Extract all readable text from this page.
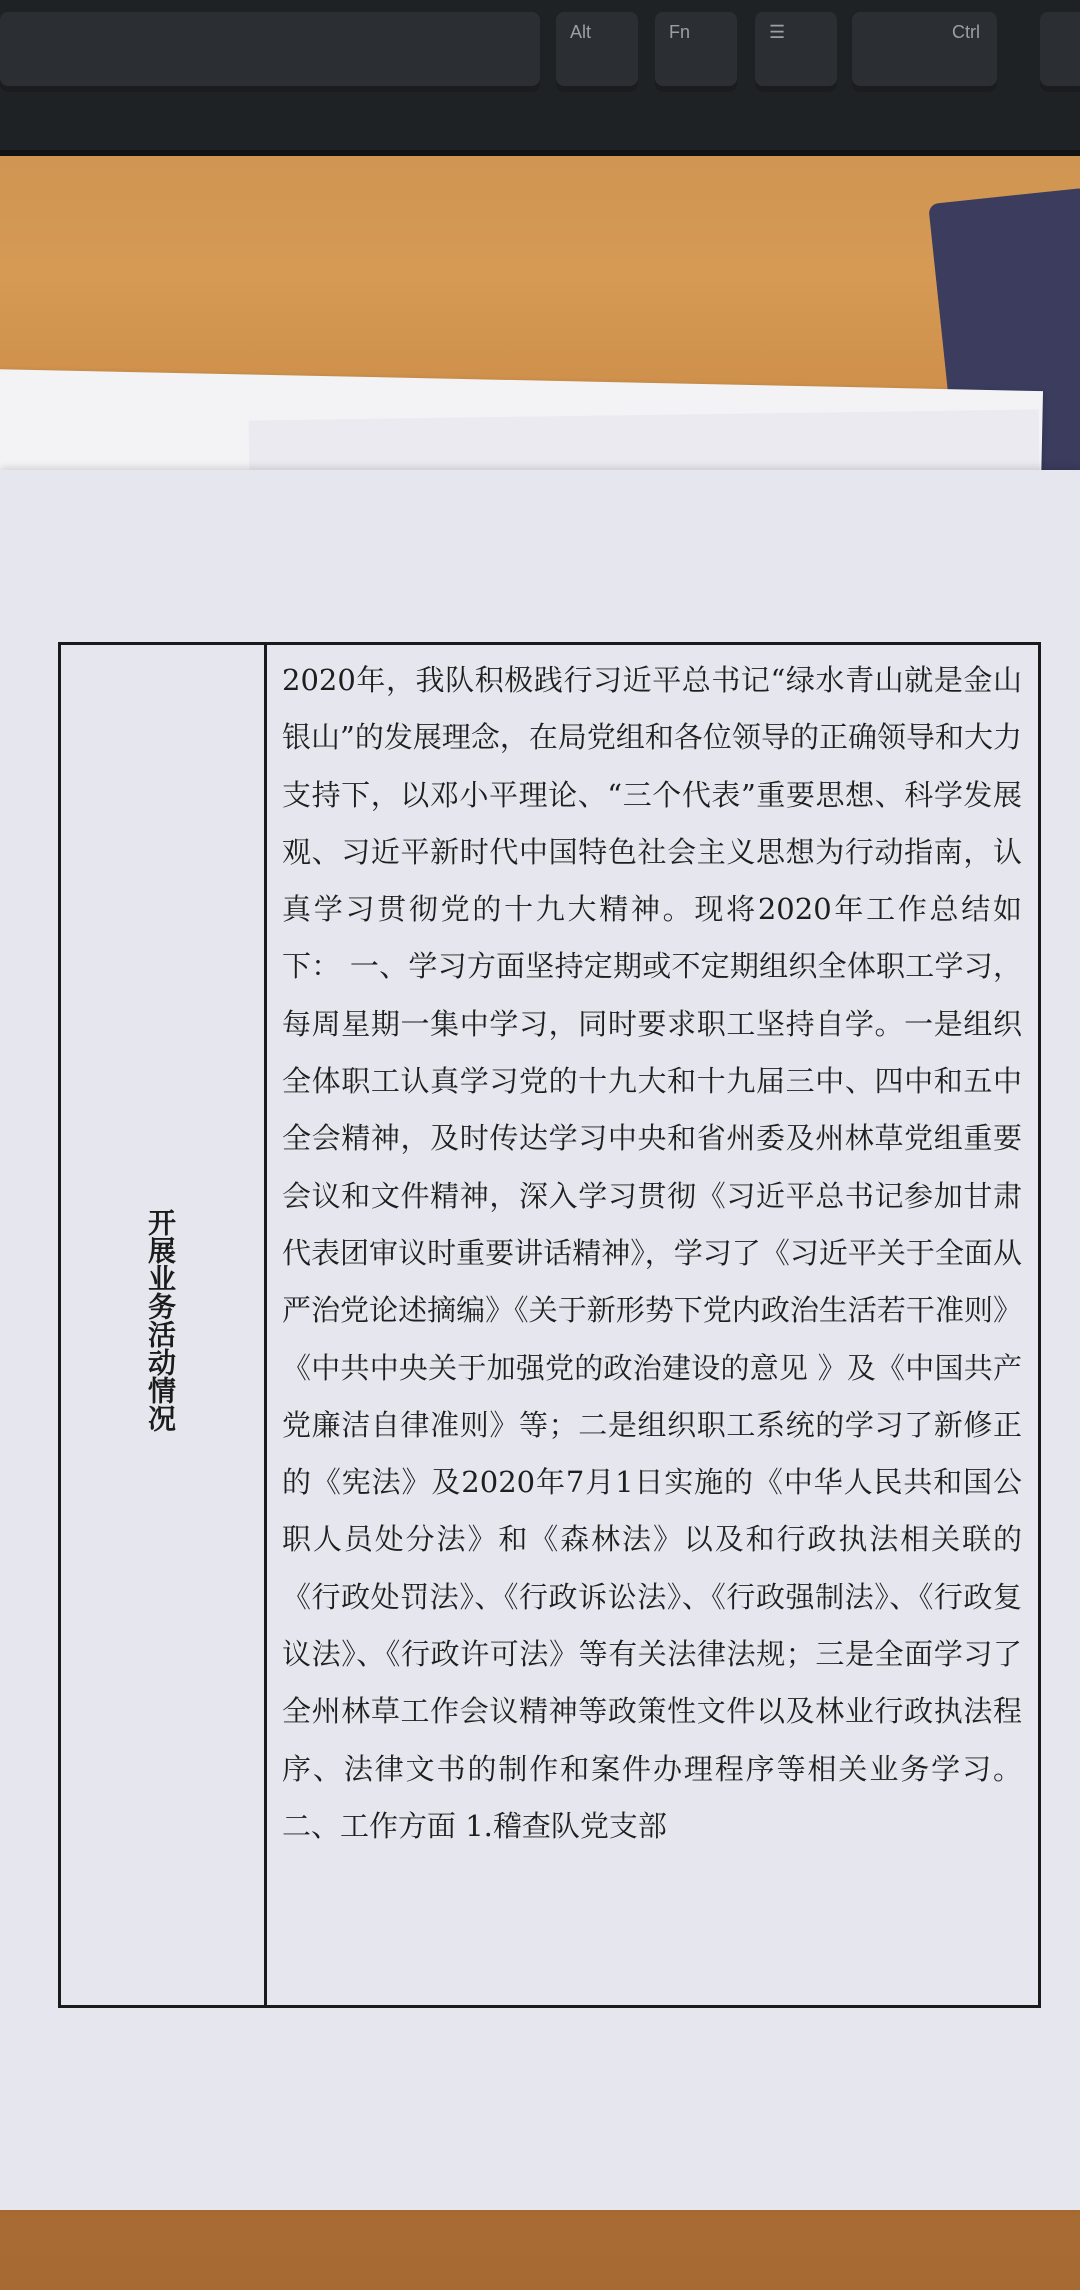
Alt	Fn	☰	Ctrl
开展业务活动情况

2020年，我队积极践行习近平总书记“绿水青山就是金山银山”的发展理念，在局党组和各位领导的正确领导和大力支持下，以邓小平理论、“三个代表”重要思想、科学发展观、习近平新时代中国特色社会主义思想为行动指南，认真学习贯彻党的十九大精神。现将2020年工作总结如下： 一、学习方面坚持定期或不定期组织全体职工学习，每周星期一集中学习，同时要求职工坚持自学。一是组织全体职工认真学习党的十九大和十九届三中、四中和五中全会精神，及时传达学习中央和省州委及州林草党组重要会议和文件精神，深入学习贯彻《习近平总书记参加甘肃代表团审议时重要讲话精神》，学习了《习近平关于全面从严治党论述摘编》《关于新形势下党内政治生活若干准则》《中共中央关于加强党的政治建设的意见 》及《中国共产党廉洁自律准则》等；二是组织职工系统的学习了新修正的《宪法》及2020年7月1日实施的《中华人民共和国公职人员处分法》和《森林法》以及和行政执法相关联的《行政处罚法》、《行政诉讼法》、《行政强制法》、《行政复议法》、《行政许可法》等有关法律法规；三是全面学习了全州林草工作会议精神等政策性文件以及林业行政执法程序、法律文书的制作和案件办理程序等相关业务学习。二、工作方面 1.稽查队党支部
